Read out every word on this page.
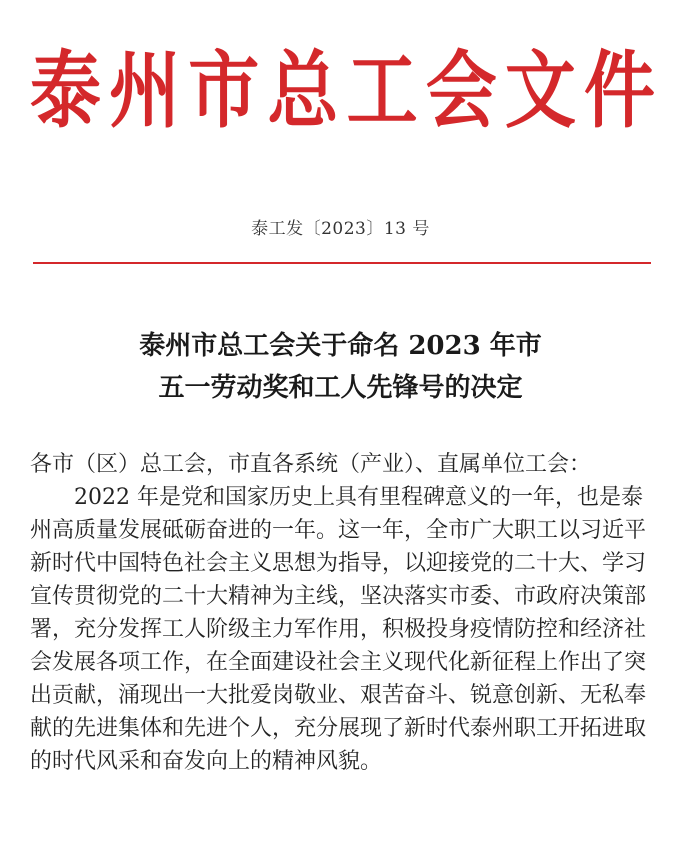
泰 州 市 总 工 会 文 件
泰工发〔2023〕13 号
泰州市总工会关于命名 2023 年市
五一劳动奖和工人先锋号的决定
各市（区）总工会，市直各系统（产业）、直属单位工会：
2022 年是党和国家历史上具有里程碑意义的一年，也是泰
州高质量发展砥砺奋进的一年。这一年，全市广大职工以习近平
新时代中国特色社会主义思想为指导，以迎接党的二十大、学习
宣传贯彻党的二十大精神为主线，坚决落实市委、市政府决策部
署，充分发挥工人阶级主力军作用，积极投身疫情防控和经济社
会发展各项工作，在全面建设社会主义现代化新征程上作出了突
出贡献，涌现出一大批爱岗敬业、艰苦奋斗、锐意创新、无私奉
献的先进集体和先进个人，充分展现了新时代泰州职工开拓进取
的时代风采和奋发向上的精神风貌。
